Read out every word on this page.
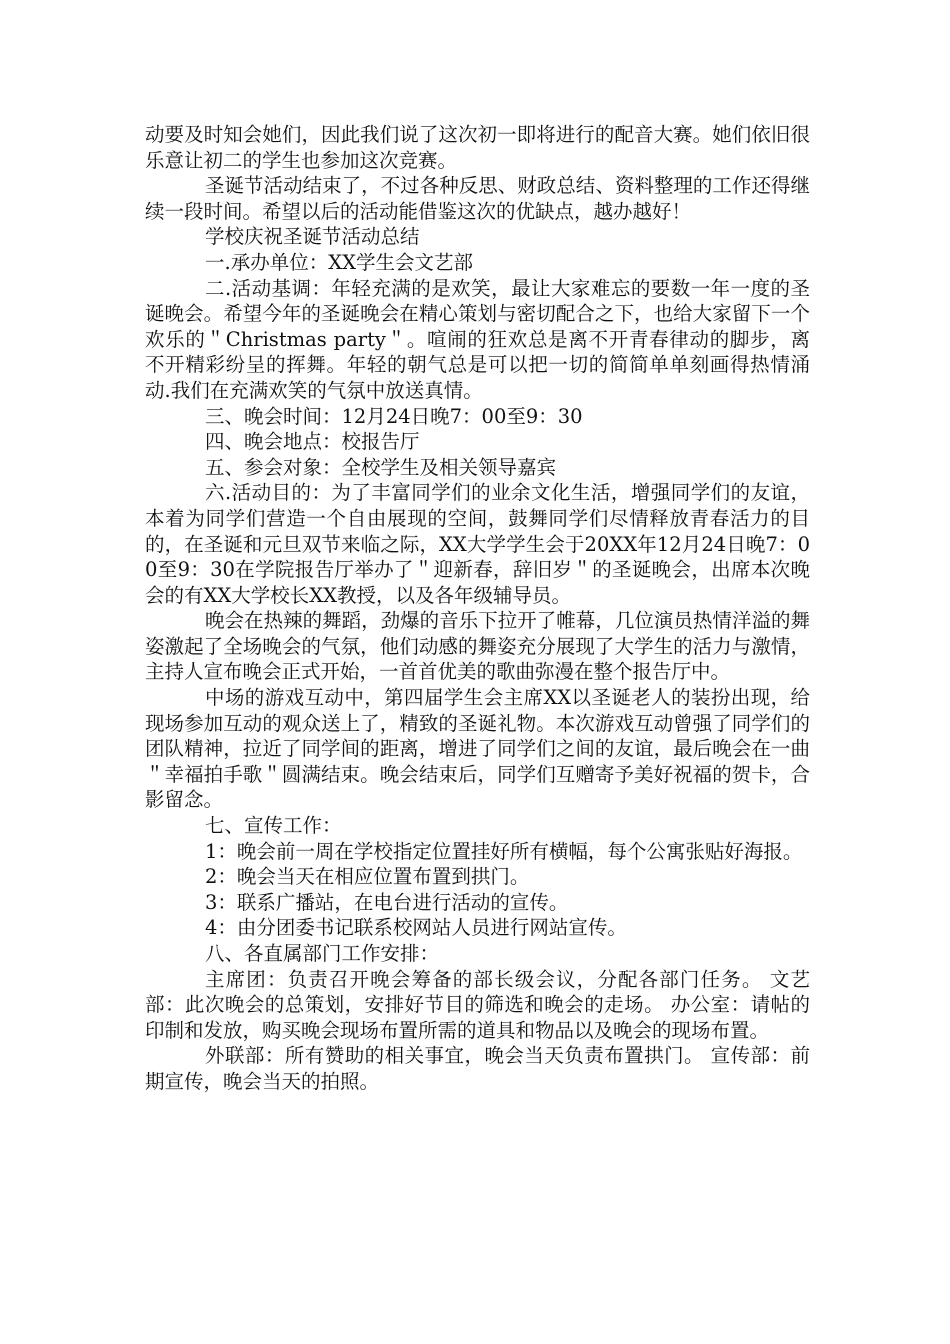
动要及时知会她们，因此我们说了这次初一即将进行的配音大赛。她们依旧很乐意让初二的学生也参加这次竞赛。

圣诞节活动结束了，不过各种反思、财政总结、资料整理的工作还得继续一段时间。希望以后的活动能借鉴这次的优缺点，越办越好！

学校庆祝圣诞节活动总结

一.承办单位：XX学生会文艺部

二.活动基调：年轻充满的是欢笑，最让大家难忘的要数一年一度的圣诞晚会。希望今年的圣诞晚会在精心策划与密切配合之下，也给大家留下一个欢乐的＂Christmas party＂。喧闹的狂欢总是离不开青春律动的脚步，离不开精彩纷呈的挥舞。年轻的朝气总是可以把一切的简简单单刻画得热情涌动.我们在充满欢笑的气氛中放送真情。

三、晚会时间：12月24日晚7：00至9：30

四、晚会地点：校报告厅

五、参会对象：全校学生及相关领导嘉宾

六.活动目的：为了丰富同学们的业余文化生活，增强同学们的友谊，本着为同学们营造一个自由展现的空间，鼓舞同学们尽情释放青春活力的目的，在圣诞和元旦双节来临之际，XX大学学生会于20XX年12月24日晚7：00至9：30在学院报告厅举办了＂迎新春，辞旧岁＂的圣诞晚会，出席本次晚会的有XX大学校长XX教授，以及各年级辅导员。

晚会在热辣的舞蹈，劲爆的音乐下拉开了帷幕，几位演员热情洋溢的舞姿激起了全场晚会的气氛，他们动感的舞姿充分展现了大学生的活力与激情，主持人宣布晚会正式开始，一首首优美的歌曲弥漫在整个报告厅中。

中场的游戏互动中，第四届学生会主席XX以圣诞老人的装扮出现，给现场参加互动的观众送上了，精致的圣诞礼物。本次游戏互动曾强了同学们的团队精神，拉近了同学间的距离，增进了同学们之间的友谊，最后晚会在一曲＂幸福拍手歌＂圆满结束。晚会结束后，同学们互赠寄予美好祝福的贺卡，合影留念。

七、宣传工作：

1：晚会前一周在学校指定位置挂好所有横幅，每个公寓张贴好海报。

2：晚会当天在相应位置布置到拱门。

3：联系广播站，在电台进行活动的宣传。

4：由分团委书记联系校网站人员进行网站宣传。

八、各直属部门工作安排：

主席团：负责召开晚会筹备的部长级会议，分配各部门任务。 文艺部：此次晚会的总策划，安排好节目的筛选和晚会的走场。 办公室：请帖的印制和发放，购买晚会现场布置所需的道具和物品以及晚会的现场布置。

外联部：所有赞助的相关事宜，晚会当天负责布置拱门。 宣传部：前期宣传，晚会当天的拍照。
